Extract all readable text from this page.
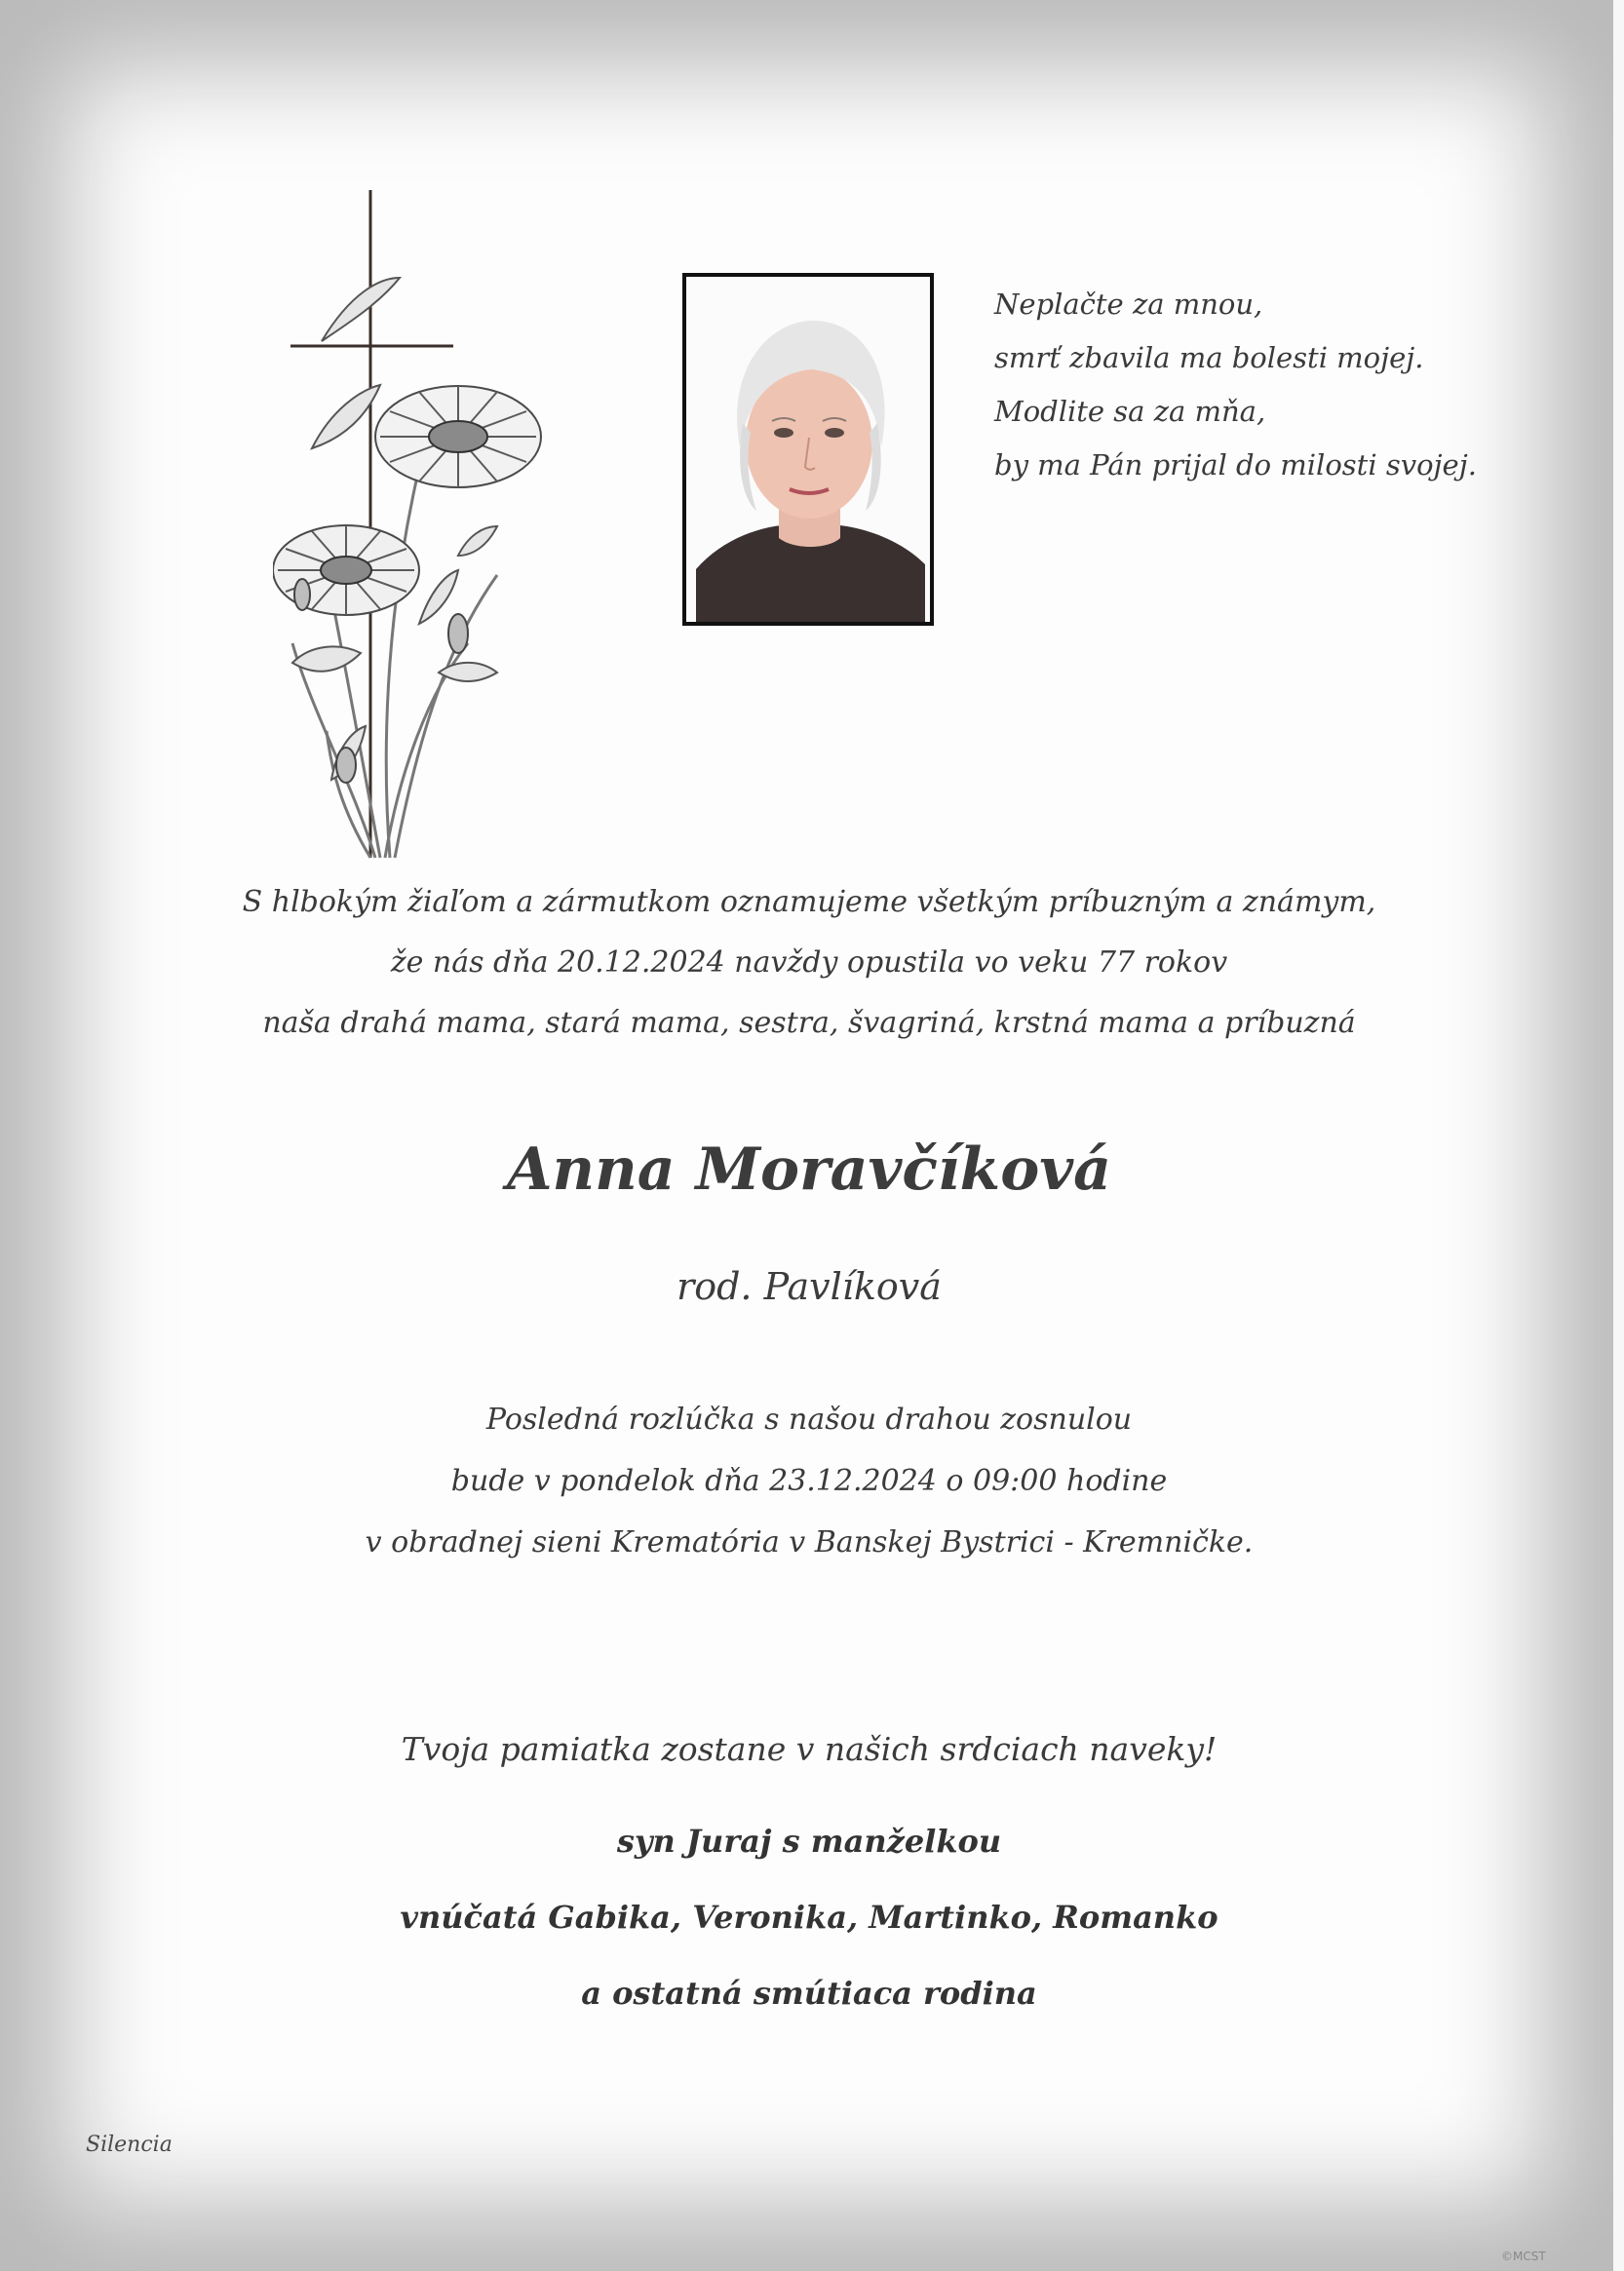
Neplačte za mnou,
smrť zbavila ma bolesti mojej.
Modlite sa za mňa,
by ma Pán prijal do milosti svojej.
S hlbokým žiaľom a zármutkom oznamujeme všetkým príbuzným a známym,
že nás dňa 20.12.2024 navždy opustila vo veku 77 rokov
naša drahá mama, stará mama, sestra, švagriná, krstná mama a príbuzná
Anna Moravčíková
rod. Pavlíková
Posledná rozlúčka s našou drahou zosnulou
bude v pondelok dňa 23.12.2024 o 09:00 hodine
v obradnej sieni Krematória v Banskej Bystrici - Kremničke.
Tvoja pamiatka zostane v našich srdciach naveky!
syn Juraj s manželkou
vnúčatá Gabika, Veronika, Martinko, Romanko
a ostatná smútiaca rodina
Silencia
©MCST
